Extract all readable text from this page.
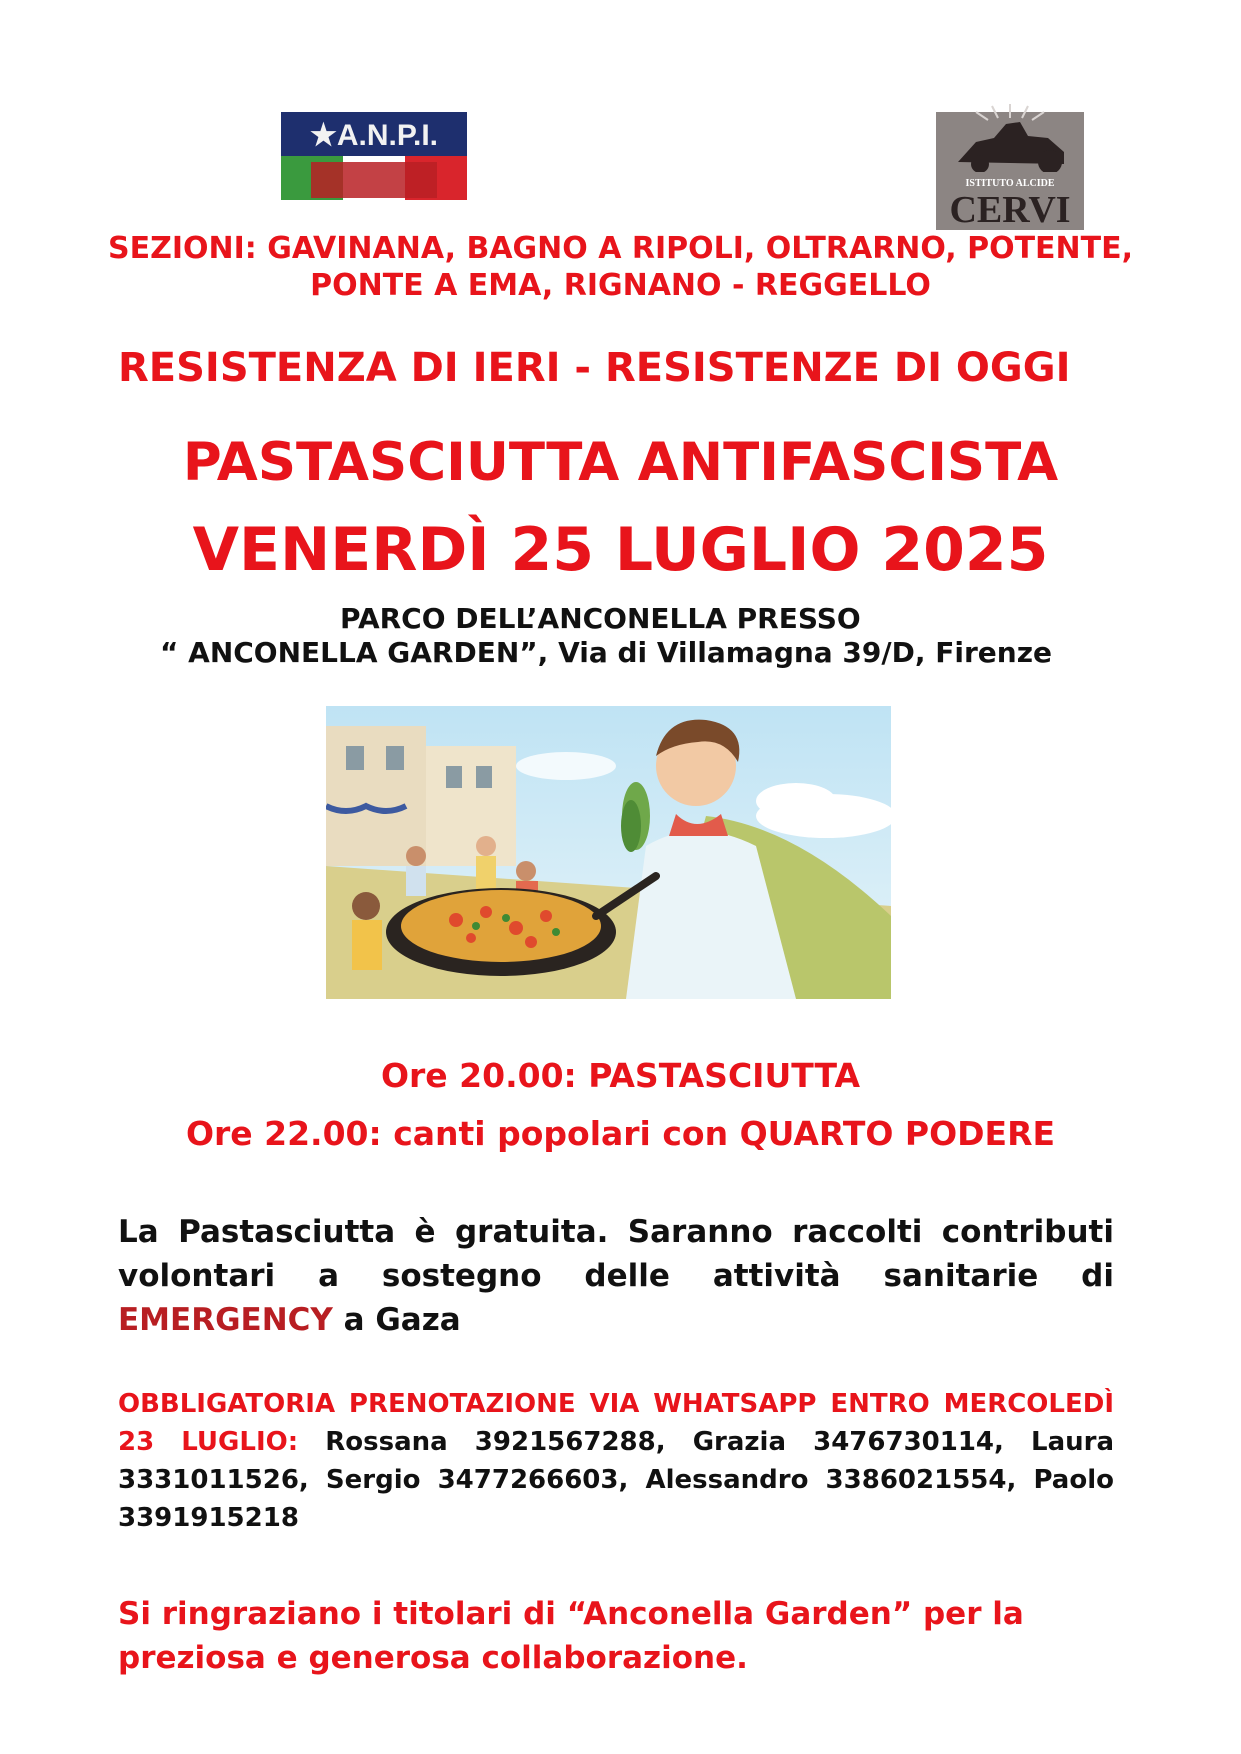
★A.N.P.I.
ISTITUTO ALCIDE
CERVI
SEZIONI: GAVINANA, BAGNO A RIPOLI, OLTRARNO, POTENTE, PONTE A EMA, RIGNANO - REGGELLO
RESISTENZA DI IERI - RESISTENZE DI OGGI
PASTASCIUTTA ANTIFASCISTA
VENERDÌ 25 LUGLIO 2025
PARCO DELL’ANCONELLA PRESSO
“ ANCONELLA GARDEN”, Via di Villamagna 39/D, Firenze
Ore 20.00: PASTASCIUTTA
Ore 22.00: canti popolari con QUARTO PODERE
La Pastasciutta è gratuita. Saranno raccolti contributi volontari a sostegno delle attività sanitarie di EMERGENCY a Gaza
OBBLIGATORIA PRENOTAZIONE VIA WHATSAPP ENTRO MERCOLEDÌ 23 LUGLIO: Rossana 3921567288, Grazia 3476730114, Laura 3331011526, Sergio 3477266603, Alessandro 3386021554, Paolo 3391915218
Si ringraziano i titolari di “Anconella Garden” per la preziosa e generosa collaborazione.
